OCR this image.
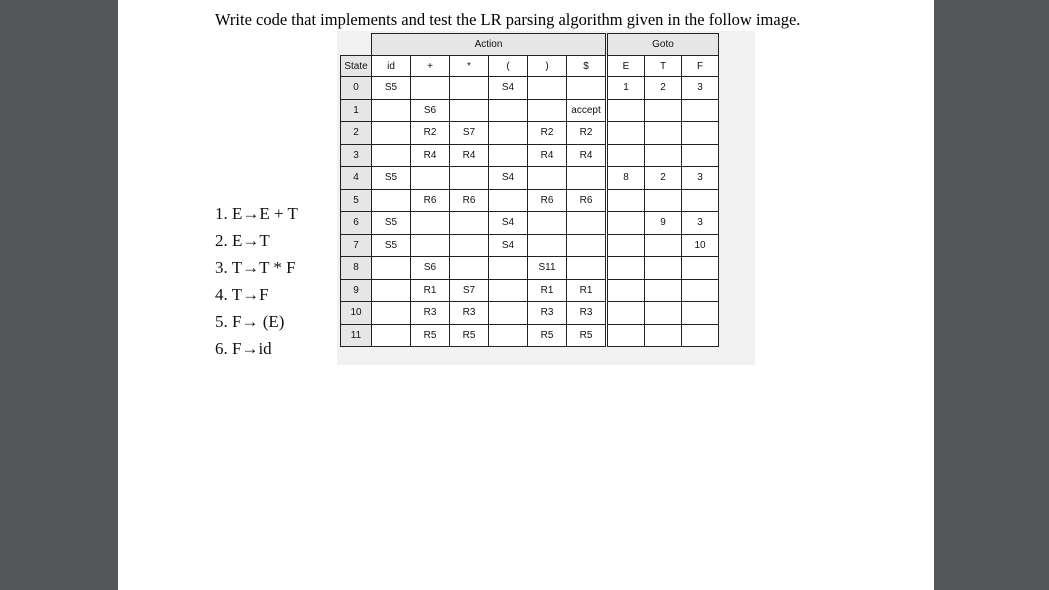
Write code that implements and test the LR parsing algorithm given in the follow image.
1. E→E + T
2. E→T
3. T→T * F
4. T→F
5. F→ (E)
6. F→id
	Action						Goto		
State	id	+	*	(	)	$	E	T	F
0	S5			S4			1	2	3
1		S6				accept			
2		R2	S7		R2	R2			
3		R4	R4		R4	R4			
4	S5			S4			8	2	3
5		R6	R6		R6	R6			
6	S5			S4				9	3
7	S5			S4					10
8		S6			S11				
9		R1	S7		R1	R1			
10		R3	R3		R3	R3			
11		R5	R5		R5	R5			
